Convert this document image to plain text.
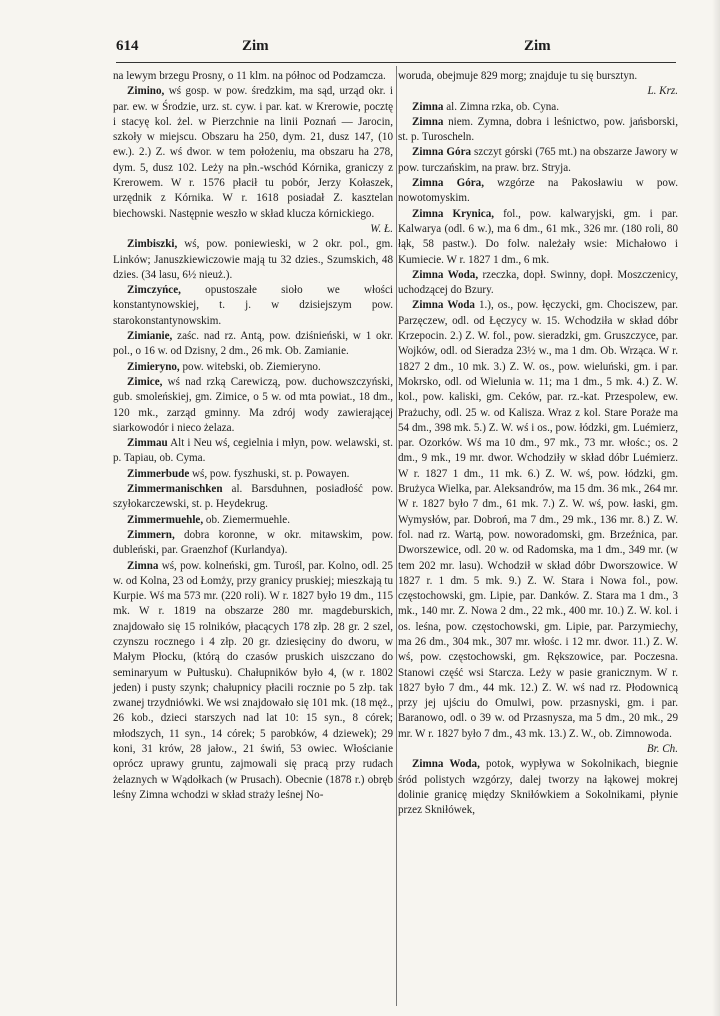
614	Zim	Zim

na lewym brzegu Prosny, o 11 klm. na północ od Podzamcza.

Zimino, wś gosp. w pow. średzkim, ma sąd, urząd okr. i par. ew. w Środzie, urz. st. cyw. i par. kat. w Krerowie, pocztę i stacyę kol. żel. w Pierzchnie na linii Poznań — Jarocin, szkoły w miejscu. Obszaru ha 250, dym. 21, dusz 147, (10 ew.). 2.) Z. wś dwor. w tem położeniu, ma obszaru ha 278, dym. 5, dusz 102. Leży na płn.-wschód Kórnika, graniczy z Krerowem. W r. 1576 płacił tu pobór, Jerzy Kołaszek, urzędnik z Kórnika. W r. 1618 posiadał Z. kasztelan biechowski. Następnie weszło w skład klucza kórnickiego.
W. Ł.

Zimbiszki, wś, pow. poniewieski, w 2 okr. pol., gm. Linków; Januszkiewiczowie mają tu 32 dzies., Szumskich, 48 dzies. (34 lasu, 6½ nieuż.).

Zimczyńce, opustoszałe sioło we włości konstantynowskiej, t. j. w dzisiejszym pow. starokonstantynowskim.

Zimianie, zaśc. nad rz. Antą, pow. dziśnieński, w 1 okr. pol., o 16 w. od Dzisny, 2 dm., 26 mk. Ob. Zamianie.

Zimieryno, pow. witebski, ob. Ziemieryno.

Zimice, wś nad rzką Carewiczą, pow. duchowszczyński, gub. smoleńskiej, gm. Zimice, o 5 w. od mta powiat., 18 dm., 120 mk., zarząd gminny. Ma zdrój wody zawierającej siarkowodór i nieco żelaza.

Zimmau Alt i Neu wś, cegielnia i młyn, pow. welawski, st. p. Tapiau, ob. Cyma.

Zimmerbude wś, pow. fyszhuski, st. p. Powayen.

Zimmermanischken al. Barsduhnen, posiadłość pow. szyłokarczewski, st. p. Heydekrug.

Zimmermuehle, ob. Ziemermuehle.

Zimmern, dobra koronne, w okr. mitawskim, pow. dubleński, par. Graenzhof (Kurlandya).

Zimna wś, pow. kolneński, gm. Turośl, par. Kolno, odl. 25 w. od Kolna, 23 od Łomży, przy granicy pruskiej; mieszkają tu Kurpie. Wś ma 573 mr. (220 roli). W r. 1827 było 19 dm., 115 mk. W r. 1819 na obszarze 280 mr. magdeburskich, znajdowało się 15 rolników, płacących 178 złp. 28 gr. 2 szel, czynszu rocznego i 4 złp. 20 gr. dziesięciny do dworu, w Małym Płocku, (którą do czasów pruskich uiszczano do seminaryum w Pułtusku). Chałupników było 4, (w r. 1802 jeden) i pusty szynk; chałupnicy płacili rocznie po 5 złp. tak zwanej trzydniówki. We wsi znajdowało się 101 mk. (18 męż., 26 kob., dzieci starszych nad lat 10: 15 syn., 8 córek; młodszych, 11 syn., 14 córek; 5 parobków, 4 dziewek); 29 koni, 31 krów, 28 jałow., 21 świń, 53 owiec. Włościanie oprócz uprawy gruntu, zajmowali się pracą przy rudach żelaznych w Wądołkach (w Prusach). Obecnie (1878 r.) obręb leśny Zimna wchodzi w skład straży leśnej No-

woruda, obejmuje 829 morg; znajduje tu się bursztyn.
L. Krz.

Zimna al. Zimna rzka, ob. Cyna.

Zimna niem. Zymna, dobra i leśnictwo, pow. jańsborski, st. p. Turoscheln.

Zimna Góra szczyt górski (765 mt.) na obszarze Jawory w pow. turczańskim, na praw. brz. Stryja.

Zimna Góra, wzgórze na Pakosławiu w pow. nowotomyskim.

Zimna Krynica, fol., pow. kalwaryjski, gm. i par. Kalwarya (odl. 6 w.), ma 6 dm., 61 mk., 326 mr. (180 roli, 80 łąk, 58 pastw.). Do folw. należały wsie: Michałowo i Kumiecie. W r. 1827 1 dm., 6 mk.

Zimna Woda, rzeczka, dopł. Swinny, dopł. Moszczenicy, uchodzącej do Bzury.

Zimna Woda 1.), os., pow. łęczycki, gm. Chociszew, par. Parzęczew, odl. od Łęczycy w. 15. Wchodziła w skład dóbr Krzepocin. 2.) Z. W. fol., pow. sieradzki, gm. Gruszczyce, par. Wojków, odl. od Sieradza 23½ w., ma 1 dm. Ob. Wrząca. W r. 1827 2 dm., 10 mk. 3.) Z. W. os., pow. wieluński, gm. i par. Mokrsko, odl. od Wielunia w. 11; ma 1 dm., 5 mk. 4.) Z. W. kol., pow. kaliski, gm. Ceków, par. rz.-kat. Przespolew, ew. Prażuchy, odl. 25 w. od Kalisza. Wraz z kol. Stare Poraże ma 54 dm., 398 mk. 5.) Z. W. wś i os., pow. łódzki, gm. Luémierz, par. Ozorków. Wś ma 10 dm., 97 mk., 73 mr. włośc.; os. 2 dm., 9 mk., 19 mr. dwor. Wchodziły w skład dóbr Luémierz. W r. 1827 1 dm., 11 mk. 6.) Z. W. wś, pow. łódzki, gm. Brużyca Wielka, par. Aleksandrów, ma 15 dm. 36 mk., 264 mr. W r. 1827 było 7 dm., 61 mk. 7.) Z. W. wś, pow. łaski, gm. Wymysłów, par. Dobroń, ma 7 dm., 29 mk., 136 mr. 8.) Z. W. fol. nad rz. Wartą, pow. noworadomski, gm. Brzeźnica, par. Dworszewice, odl. 20 w. od Radomska, ma 1 dm., 349 mr. (w tem 202 mr. lasu). Wchodził w skład dóbr Dworszowice. W 1827 r. 1 dm. 5 mk. 9.) Z. W. Stara i Nowa fol., pow. częstochowski, gm. Lipie, par. Danków. Z. Stara ma 1 dm., 3 mk., 140 mr. Z. Nowa 2 dm., 22 mk., 400 mr. 10.) Z. W. kol. i os. leśna, pow. częstochowski, gm. Lipie, par. Parzymiechy, ma 26 dm., 304 mk., 307 mr. włośc. i 12 mr. dwor. 11.) Z. W. wś, pow. częstochowski, gm. Rększowice, par. Poczesna. Stanowi część wsi Starcza. Leży w pasie granicznym. W r. 1827 było 7 dm., 44 mk. 12.) Z. W. wś nad rz. Płodownicą przy jej ujściu do Omulwi, pow. przasnyski, gm. i par. Baranowo, odl. o 39 w. od Przasnysza, ma 5 dm., 20 mk., 29 mr. W r. 1827 było 7 dm., 43 mk. 13.) Z. W., ob. Zimnowoda.
Br. Ch.

Zimna Woda, potok, wypływa w Sokolnikach, biegnie śród polistych wzgórzy, dalej tworzy na łąkowej mokrej dolinie granicę między Skniłówkiem a Sokolnikami, płynie przez Skniłówek,
